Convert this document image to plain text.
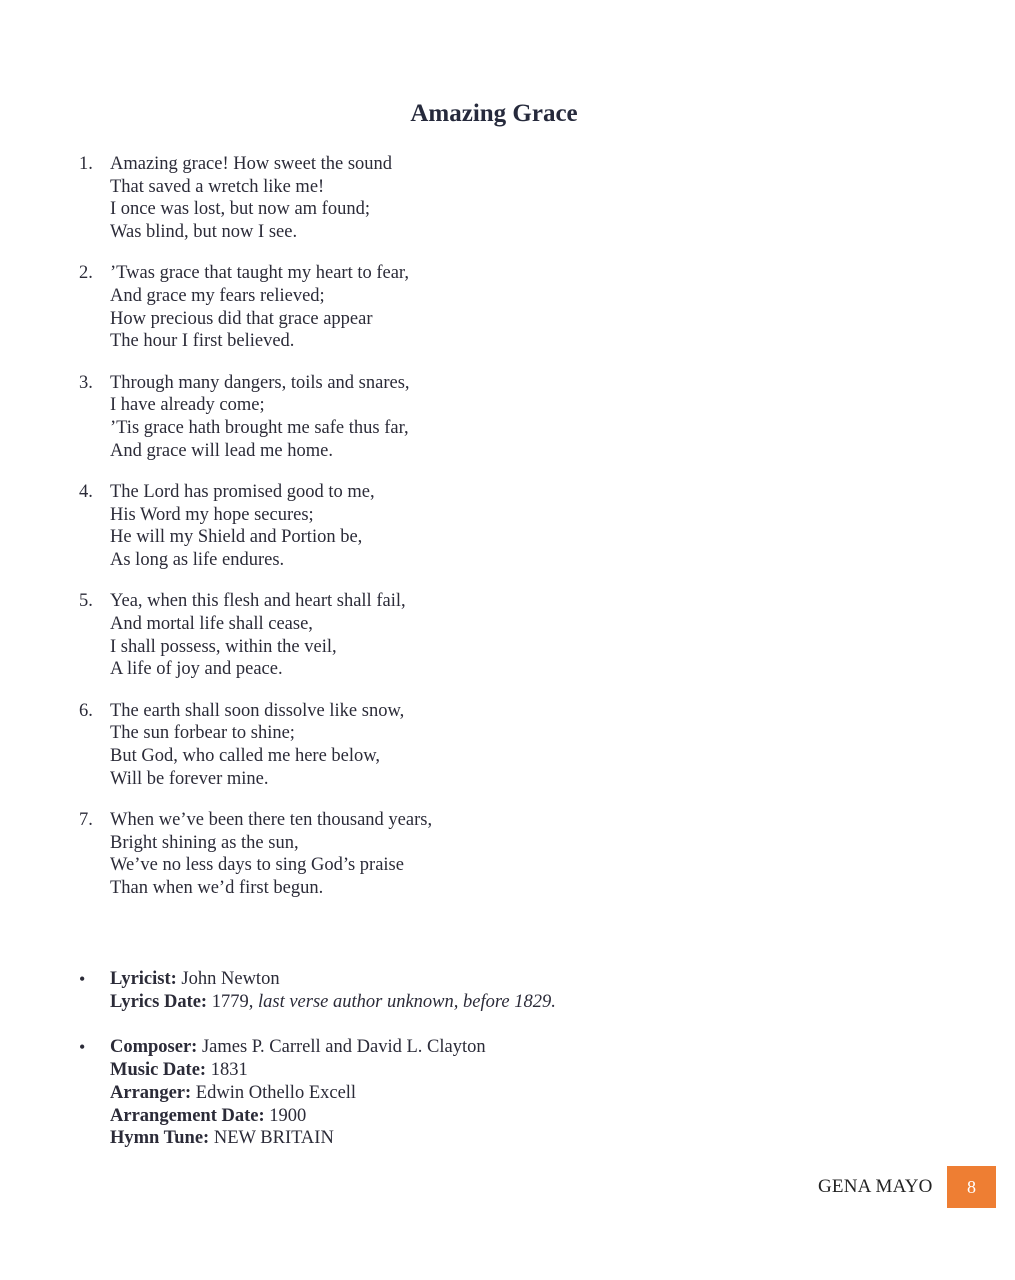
Amazing Grace
1. Amazing grace! How sweet the sound
That saved a wretch like me!
I once was lost, but now am found;
Was blind, but now I see.
2. ’Twas grace that taught my heart to fear,
And grace my fears relieved;
How precious did that grace appear
The hour I first believed.
3. Through many dangers, toils and snares,
I have already come;
’Tis grace hath brought me safe thus far,
And grace will lead me home.
4. The Lord has promised good to me,
His Word my hope secures;
He will my Shield and Portion be,
As long as life endures.
5. Yea, when this flesh and heart shall fail,
And mortal life shall cease,
I shall possess, within the veil,
A life of joy and peace.
6. The earth shall soon dissolve like snow,
The sun forbear to shine;
But God, who called me here below,
Will be forever mine.
7. When we’ve been there ten thousand years,
Bright shining as the sun,
We’ve no less days to sing God’s praise
Than when we’d first begun.
• Lyricist: John Newton
Lyrics Date: 1779, last verse author unknown, before 1829.
• Composer: James P. Carrell and David L. Clayton
Music Date: 1831
Arranger: Edwin Othello Excell
Arrangement Date: 1900
Hymn Tune: NEW BRITAIN
GENA MAYO	8
